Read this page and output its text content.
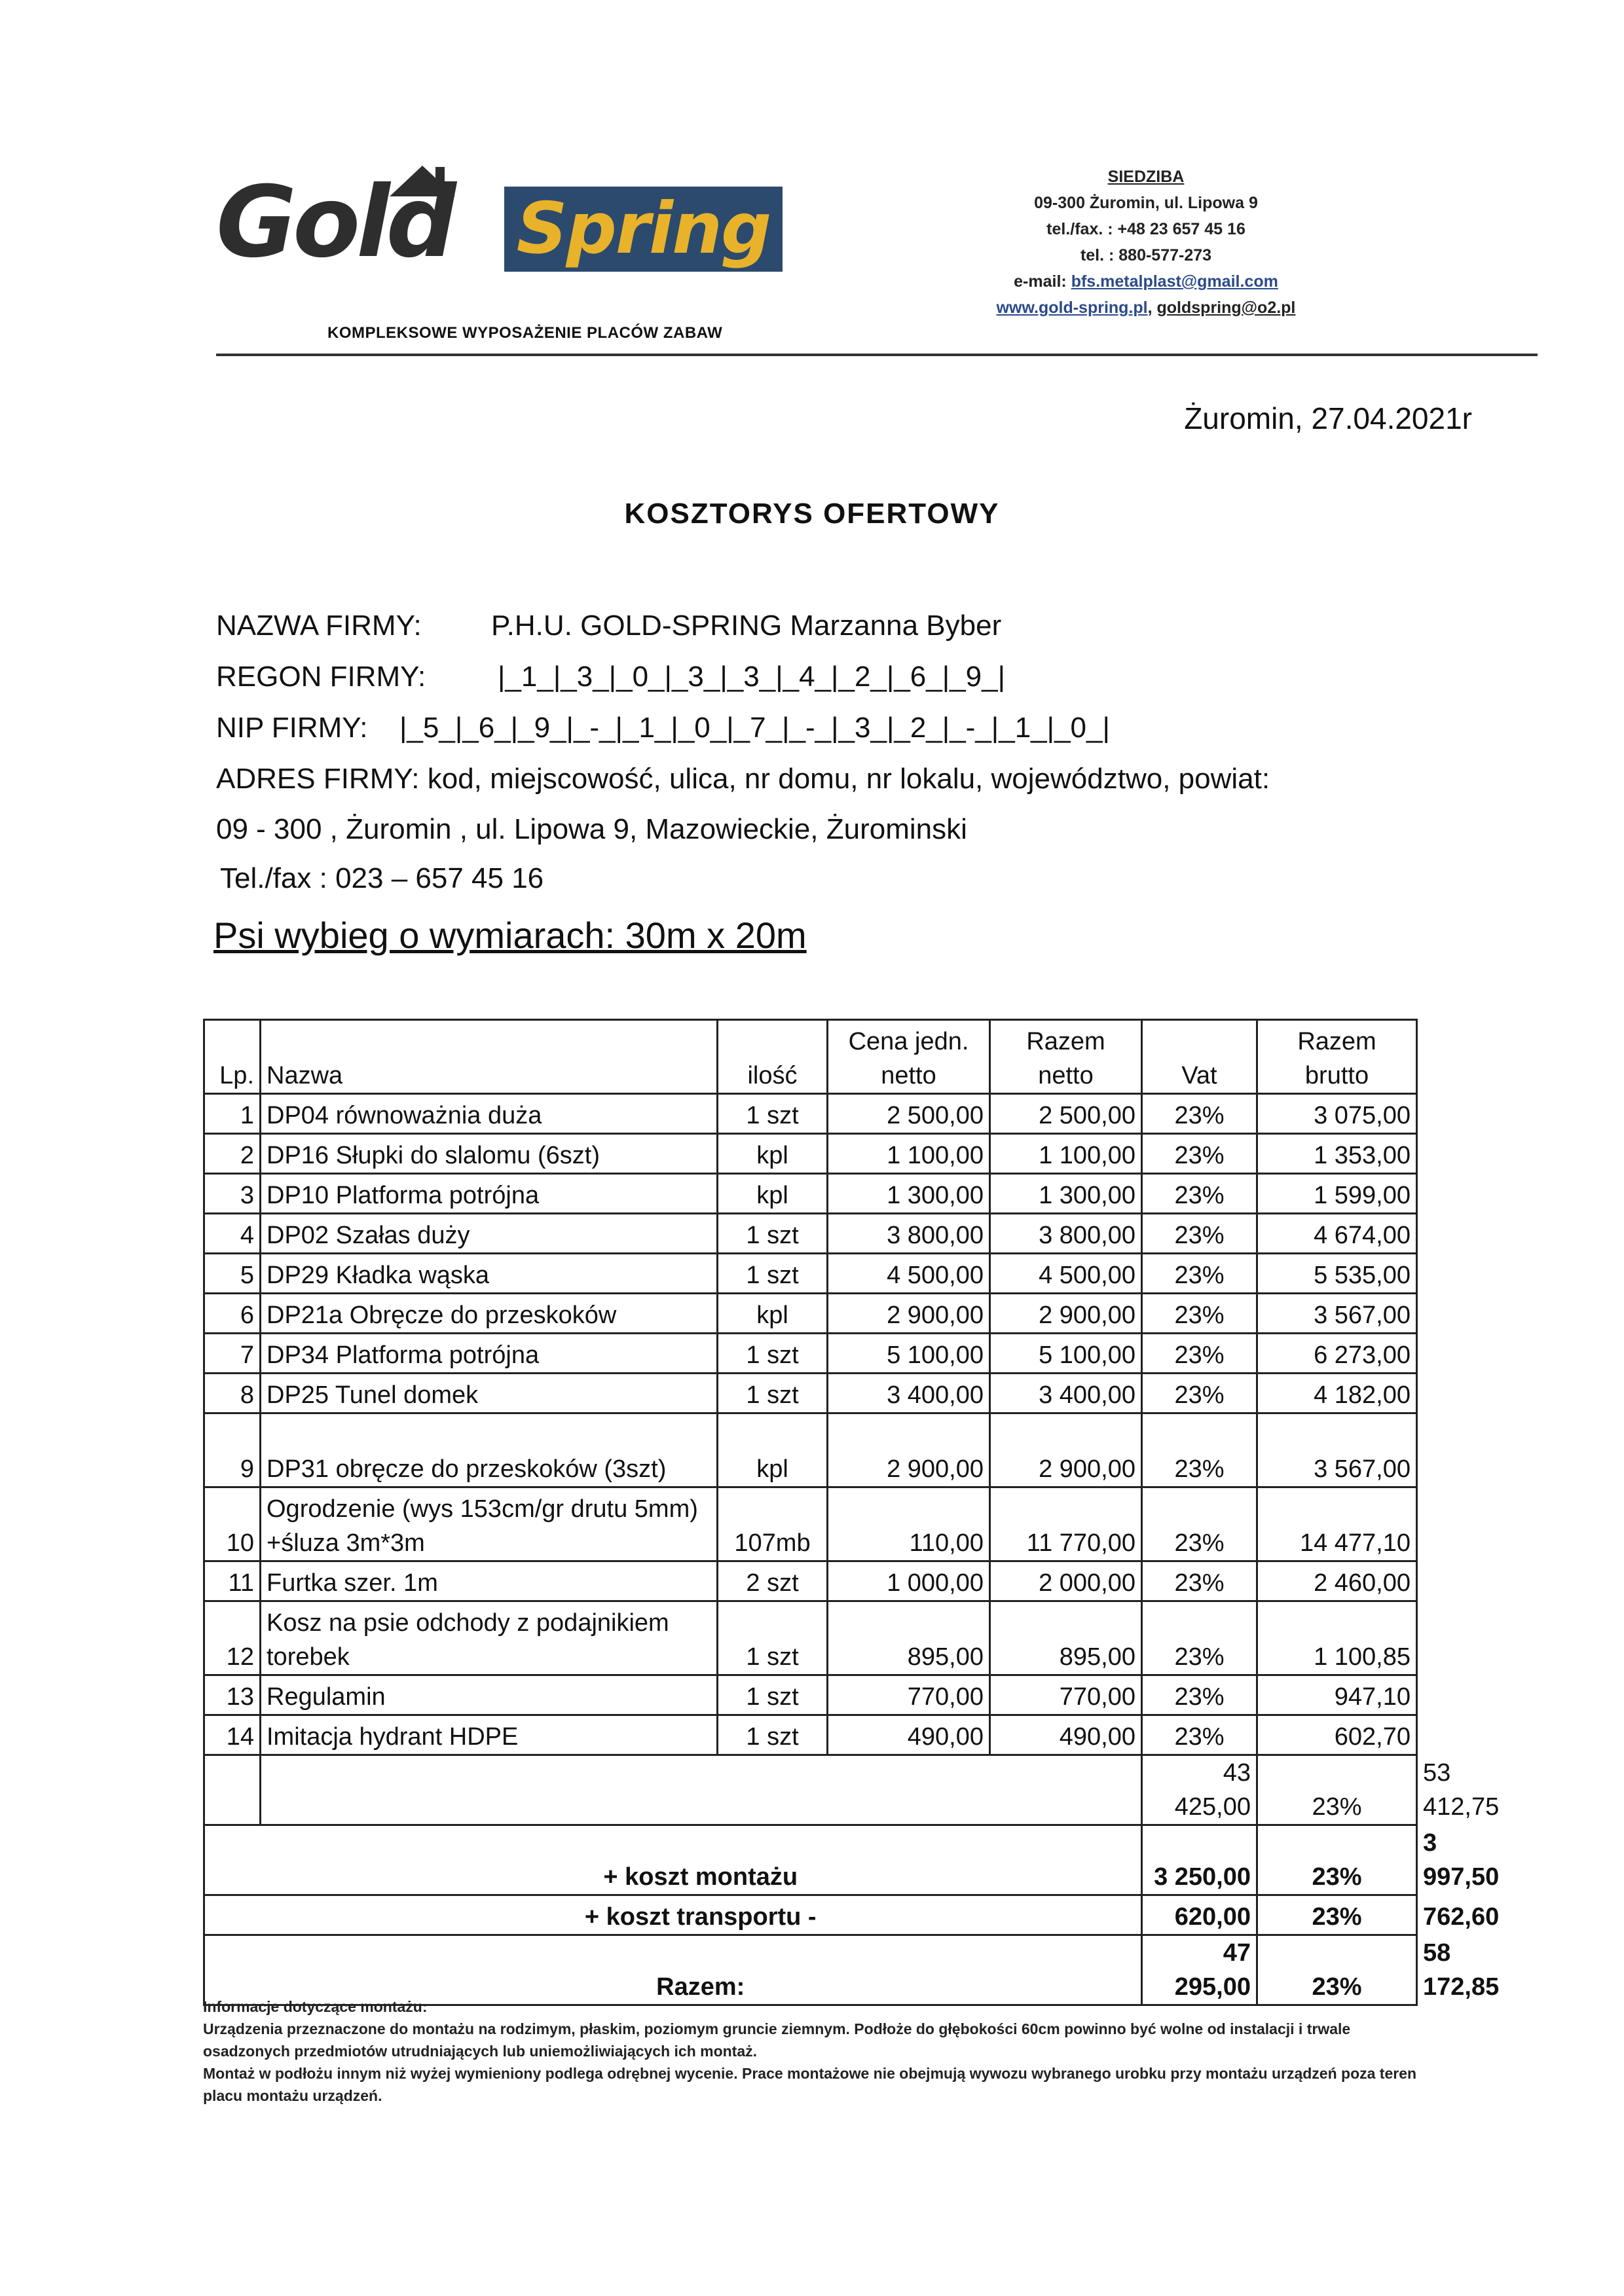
Gold Spring
KOMPLEKSOWE WYPOSAŻENIE PLACÓW ZABAW
SIEDZIBA
09-300 Żuromin, ul. Lipowa 9
tel./fax. : +48 23 657 45 16
tel. : 880-577-273
e-mail: bfs.metalplast@gmail.com
www.gold-spring.pl, goldspring@o2.pl
Żuromin, 27.04.2021r
KOSZTORYS OFERTOWY
NAZWA FIRMY: P.H.U. GOLD-SPRING Marzanna Byber
REGON FIRMY: |_1_|_3_|_0_|_3_|_3_|_4_|_2_|_6_|_9_|
NIP FIRMY: |_5_|_6_|_9_|_-_|_1_|_0_|_7_|_-_|_3_|_2_|_-_|_1_|_0_|
ADRES FIRMY: kod, miejscowość, ulica, nr domu, nr lokalu, województwo, powiat:
09 - 300 , Żuromin , ul. Lipowa 9, Mazowieckie, Żurominski
Tel./fax : 023 – 657 45 16
Psi wybieg o wymiarach: 30m x 20m
Lp.	Nazwa	ilość	Cena jedn. netto	Razem netto	Vat	Razem brutto	
1	DP04 równoważnia duża	1 szt	2 500,00	2 500,00	23%	3 075,00	
2	DP16 Słupki do slalomu (6szt)	kpl	1 100,00	1 100,00	23%	1 353,00	
3	DP10 Platforma potrójna	kpl	1 300,00	1 300,00	23%	1 599,00	
4	DP02 Szałas duży	1 szt	3 800,00	3 800,00	23%	4 674,00	
5	DP29 Kładka wąska	1 szt	4 500,00	4 500,00	23%	5 535,00	
6	DP21a Obręcze do przeskoków	kpl	2 900,00	2 900,00	23%	3 567,00	
7	DP34 Platforma potrójna	1 szt	5 100,00	5 100,00	23%	6 273,00	
8	DP25 Tunel domek	1 szt	3 400,00	3 400,00	23%	4 182,00	
9	DP31 obręcze do przeskoków (3szt)	kpl	2 900,00	2 900,00	23%	3 567,00	
10	Ogrodzenie (wys 153cm/gr drutu 5mm) +śluza 3m*3m	107mb	110,00	11 770,00	23%	14 477,10	
11	Furtka szer. 1m	2 szt	1 000,00	2 000,00	23%	2 460,00	
12	Kosz na psie odchody z podajnikiem torebek	1 szt	895,00	895,00	23%	1 100,85	
13	Regulamin	1 szt	770,00	770,00	23%	947,10	
14	Imitacja hydrant HDPE	1 szt	490,00	490,00	23%	602,70	
					43 425,00	23%	53 412,75
	+ koszt montażu				3 250,00	23%	3 997,50
	+ koszt transportu -				620,00	23%	762,60
	Razem:				47 295,00	23%	58 172,85
Informacje dotyczące montażu:
Urządzenia przeznaczone do montażu na rodzimym, płaskim, poziomym gruncie ziemnym. Podłoże do głębokości 60cm powinno być wolne od instalacji i trwale osadzonych przedmiotów utrudniających lub uniemożliwiających ich montaż.
Montaż w podłożu innym niż wyżej wymieniony podlega odrębnej wycenie. Prace montażowe nie obejmują wywozu wybranego urobku przy montażu urządzeń poza teren placu montażu urządzeń.
